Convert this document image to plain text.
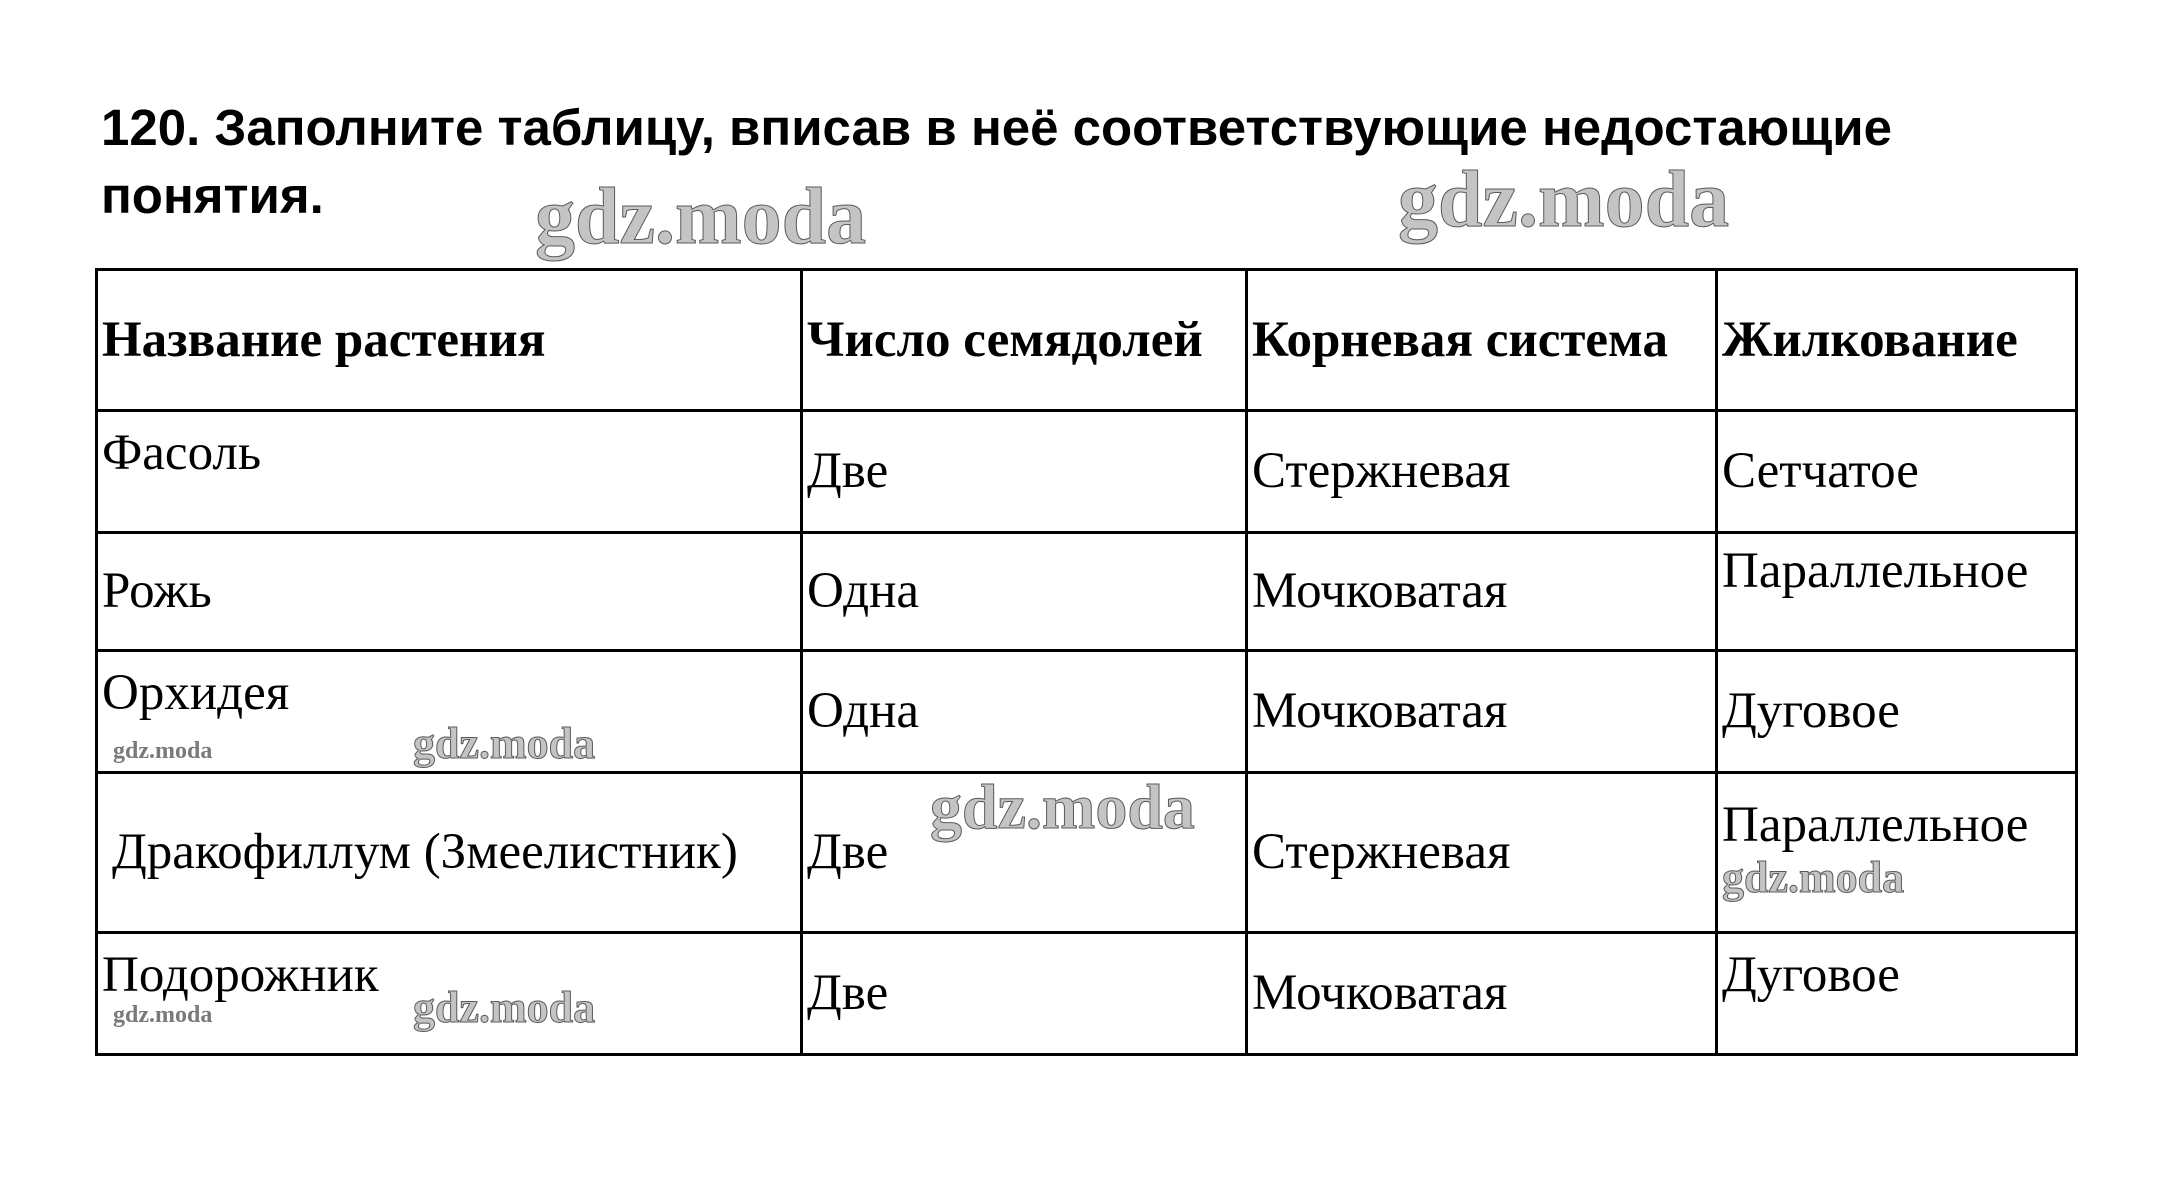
120. Заполните таблицу, вписав в неё соответствующие недостающие понятия.
Название растения	Число семядолей	Корневая система	Жилкование
Фасоль	Две	Стержневая	Сетчатое
Рожь	Одна	Мочковатая	Параллельное
Орхидея	Одна	Мочковатая	Дуговое
Дракофиллум (Змеелистник)	Две	Стержневая	Параллельное
Подорожник	Две	Мочковатая	Дуговое
gdz.moda	gdz.moda
gdz.moda
gdz.moda
gdz.moda
gdz.moda
gdz.moda
gdz.moda
